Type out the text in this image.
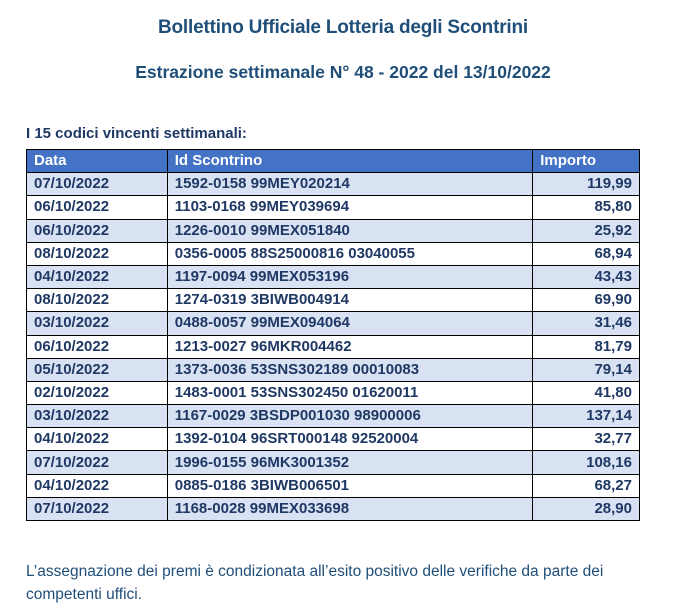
Bollettino Ufficiale Lotteria degli Scontrini
Estrazione settimanale N° 48 - 2022 del 13/10/2022
I 15 codici vincenti settimanali:
Data	Id Scontrino	Importo
07/10/2022	1592-0158 99MEY020214	119,99
06/10/2022	1103-0168 99MEY039694	85,80
06/10/2022	1226-0010 99MEX051840	25,92
08/10/2022	0356-0005 88S25000816 03040055	68,94
04/10/2022	1197-0094 99MEX053196	43,43
08/10/2022	1274-0319 3BIWB004914	69,90
03/10/2022	0488-0057 99MEX094064	31,46
06/10/2022	1213-0027 96MKR004462	81,79
05/10/2022	1373-0036 53SNS302189 00010083	79,14
02/10/2022	1483-0001 53SNS302450 01620011	41,80
03/10/2022	1167-0029 3BSDP001030 98900006	137,14
04/10/2022	1392-0104 96SRT000148 92520004	32,77
07/10/2022	1996-0155 96MK3001352	108,16
04/10/2022	0885-0186 3BIWB006501	68,27
07/10/2022	1168-0028 99MEX033698	28,90
L’assegnazione dei premi è condizionata all’esito positivo delle verifiche da parte dei competenti uffici.
